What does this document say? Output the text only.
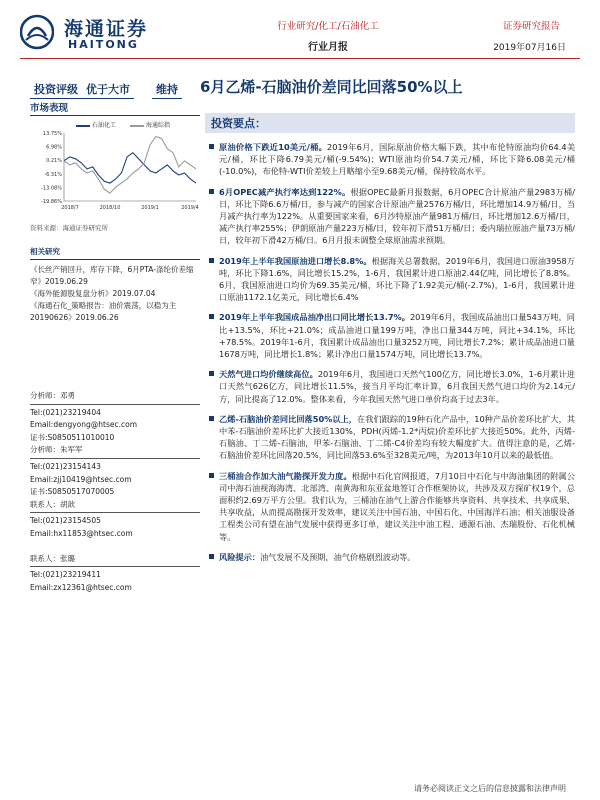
海通证券
HAITONG
行业研究/化工/石油化工
行业月报
证券研究报告
2019年07月16日
投资评级 优于大市	维持 6月乙烯-石脑油价差同比回落50%以上
市场表现
石油化工	海通综指
13.75%
6.98%
0.21%
-6.31%
-13.08%
-19.86%
2018/7	2018/10	2019/1	2019/4
资料来源：海通证券研究所
相关研究
《长丝产销回升，库存下降，6月PTA-涤纶价差缩窄》2019.06.29
《海外能源股复盘分析》2019.07.04
《海通石化_策略报告：油价震荡，以稳为主20190626》2019.06.26
分析师：邓勇
Tel:(021)23219404
Email:dengyong@htsec.com
证书:S0850511010010
分析师：朱军军
Tel:(021)23154143
Email:zjj10419@htsec.com
证书:S0850517070005
联系人：胡歆
Tel:(021)23154505
Email:hx11853@htsec.com
联系人：张璐
Tel:(021)23219411
Email:zx12361@htsec.com
投资要点：
原油价格下跌近10美元/桶。2019年6月，国际原油价格大幅下跌，其中布伦特原油均价64.4美元/桶，环比下降6.79美元/桶(-9.54%)；WTI原油均价54.7美元/桶，环比下降6.08美元/桶(-10.0%)，布伦特-WTI价差较上月略缩小至9.68美元/桶，保持较高水平。
6月OPEC减产执行率达到122%。根据OPEC最新月报数据，6月OPEC合计原油产量2983万桶/日，环比下降6.6万桶/日，参与减产的国家合计原油产量2576万桶/日，环比增加14.9万桶/日，当月减产执行率为122%。从重要国家来看，6月沙特原油产量981万桶/日，环比增加12.6万桶/日，减产执行率255%；伊朗原油产量223万桶/日，较年初下滑51万桶/日；委内瑞拉原油产量73万桶/日，较年初下滑42万桶/日。6月月报未调整全球原油需求预期。
2019年上半年我国原油进口增长8.8%。根据海关总署数据，2019年6月，我国进口原油3958万吨，环比下降1.6%，同比增长15.2%，1-6月，我国累计进口原油2.44亿吨，同比增长了8.8%。6月，我国原油进口均价为69.35美元/桶，环比下降了1.92美元/桶(-2.7%)，1-6月，我国累计进口原油1172.1亿美元，同比增长6.4%
2019年上半年我国成品油净出口同比增长13.7%。2019年6月，我国成品油出口量543万吨，同比+13.5%，环比+21.0%；成品油进口量199万吨，净出口量344万吨，同比+34.1%，环比+78.5%。2019年1-6月，我国累计成品油出口量3252万吨，同比增长7.2%；累计成品油进口量1678万吨，同比增长1.8%；累计净出口量1574万吨，同比增长13.7%。
天然气进口均价继续高位。2019年6月，我国进口天然气100亿方，同比增长3.0%，1-6月累计进口天然气626亿方，同比增长11.5%，接当月平均汇率计算，6月我国天然气进口均价为2.14元/方，同比提高了12.0%。整体来看，今年我国天然气进口单价均高于过去3年。
乙烯-石脑油价差同比回落50%以上，在我们跟踪的19种石化产品中，10种产品价差环比扩大，其中苯-石脑油价差环比扩大接近130%，PDH(丙烯-1.2*丙烷)价差环比扩大接近50%。此外，丙烯-石脑油、丁二烯-石脑油，甲苯-石脑油、丁二烯-C4价差均有较大幅度扩大。值得注意的是，乙烯-石脑油价差环比回落20.5%，同比回落53.6%至328美元/吨，为2013年10月以来的最低值。
三桶油合作加大油气勘探开发力度。根据中石化官网报道，7月10日中石化与中海油集团的附属公司中海石油视海海湾、北部湾、南黄海和东亚盆地签订合作框架协议，共涉及双方探矿权19个，总面积约2.69万平方公里。我们认为，三桶油在油气上游合作能够共享资料、共享技术、共享成果、共享收益，从而提高勘探开发效率，建议关注中国石油、中国石化、中国海洋石油；相关油服设备工程类公司有望在油气发展中获得更多订单，建议关注中油工程、通源石油、杰瑞股份、石化机械等。
风险提示：油气发展不及预期，油气价格剧烈波动等。
请务必阅读正文之后的信息披露和法律声明
